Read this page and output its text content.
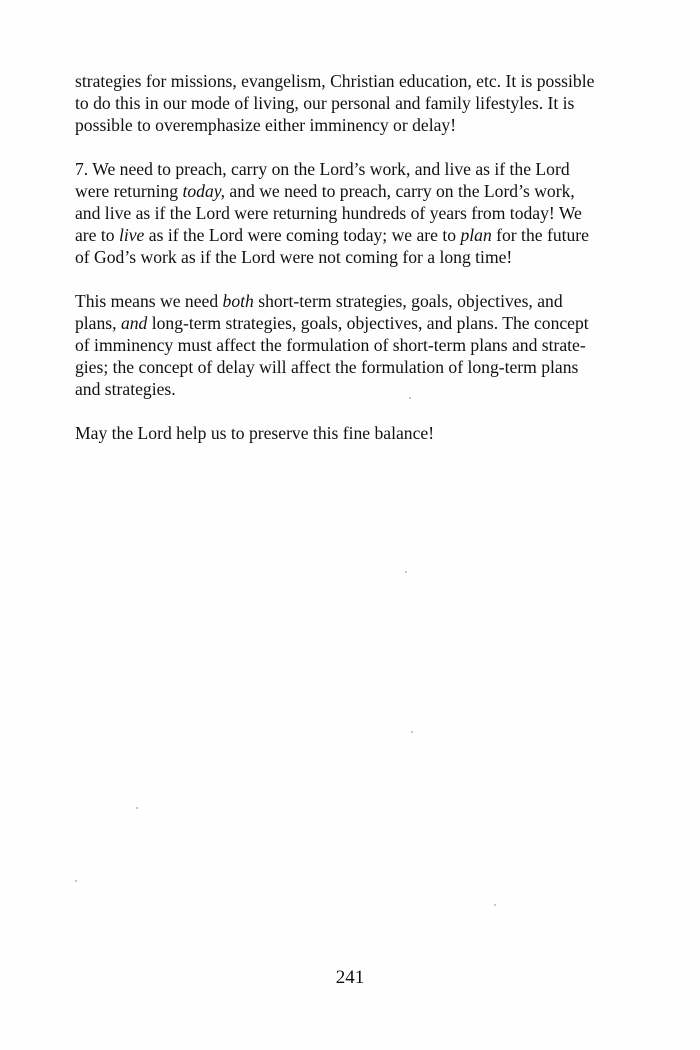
strategies for missions, evangelism, Christian education, etc. It is possible
to do this in our mode of living, our personal and family lifestyles. It is
possible to overemphasize either imminency or delay!

7. We need to preach, carry on the Lord’s work, and live as if the Lord
were returning today, and we need to preach, carry on the Lord’s work,
and live as if the Lord were returning hundreds of years from today! We
are to live as if the Lord were coming today; we are to plan for the future
of God’s work as if the Lord were not coming for a long time!

This means we need both short-term strategies, goals, objectives, and
plans, and long-term strategies, goals, objectives, and plans. The concept
of imminency must affect the formulation of short-term plans and strate-
gies; the concept of delay will affect the formulation of long-term plans
and strategies.

May the Lord help us to preserve this fine balance!

241
